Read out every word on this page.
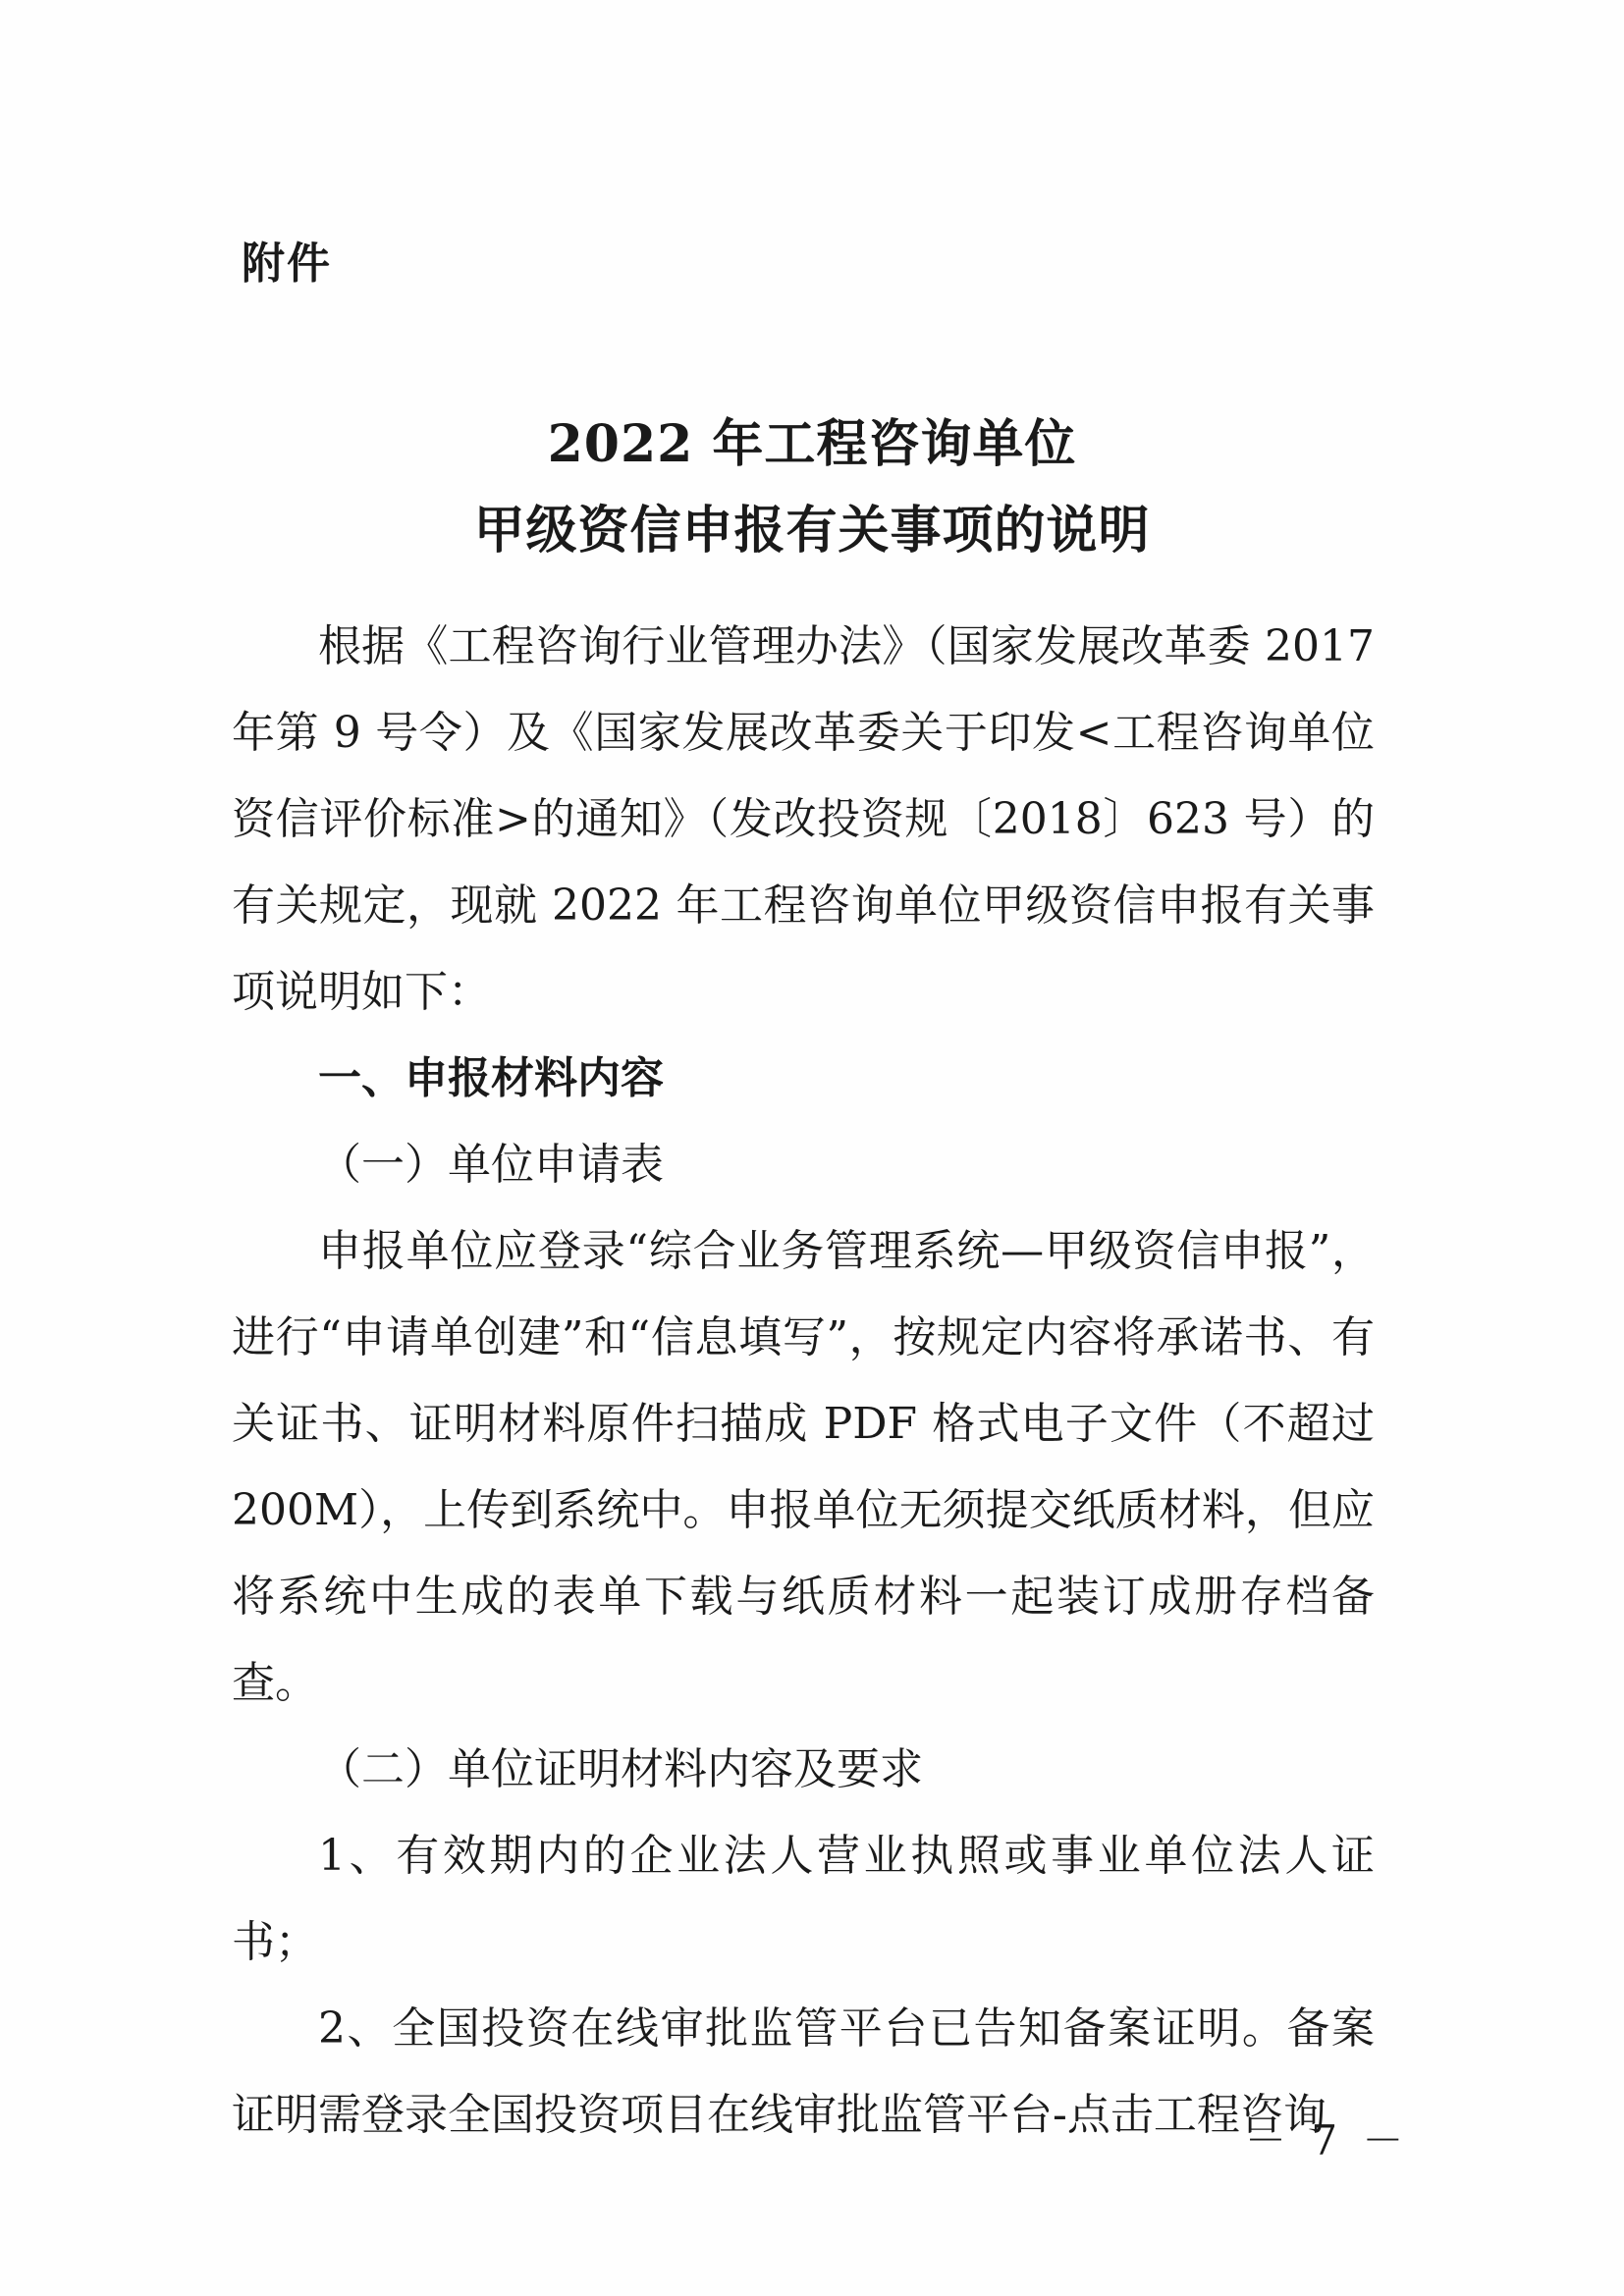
附件
2022 年工程咨询单位
甲级资信申报有关事项的说明

根据《工程咨询行业管理办法》（国家发展改革委 2017 年第 9 号令）及《国家发展改革委关于印发<工程咨询单位资信评价标准>的通知》（发改投资规〔2018〕623 号）的有关规定，现就 2022 年工程咨询单位甲级资信申报有关事项说明如下：

一、申报材料内容

（一）单位申请表

申报单位应登录“综合业务管理系统—甲级资信申报”，进行“申请单创建”和“信息填写”，按规定内容将承诺书、有关证书、证明材料原件扫描成 PDF 格式电子文件（不超过 200M），上传到系统中。申报单位无须提交纸质材料，但应将系统中生成的表单下载与纸质材料一起装订成册存档备查。

（二）单位证明材料内容及要求

1、有效期内的企业法人营业执照或事业单位法人证书；

2、全国投资在线审批监管平台已告知备案证明。备案证明需登录全国投资项目在线审批监管平台-点击工程咨询

－ 7 －
